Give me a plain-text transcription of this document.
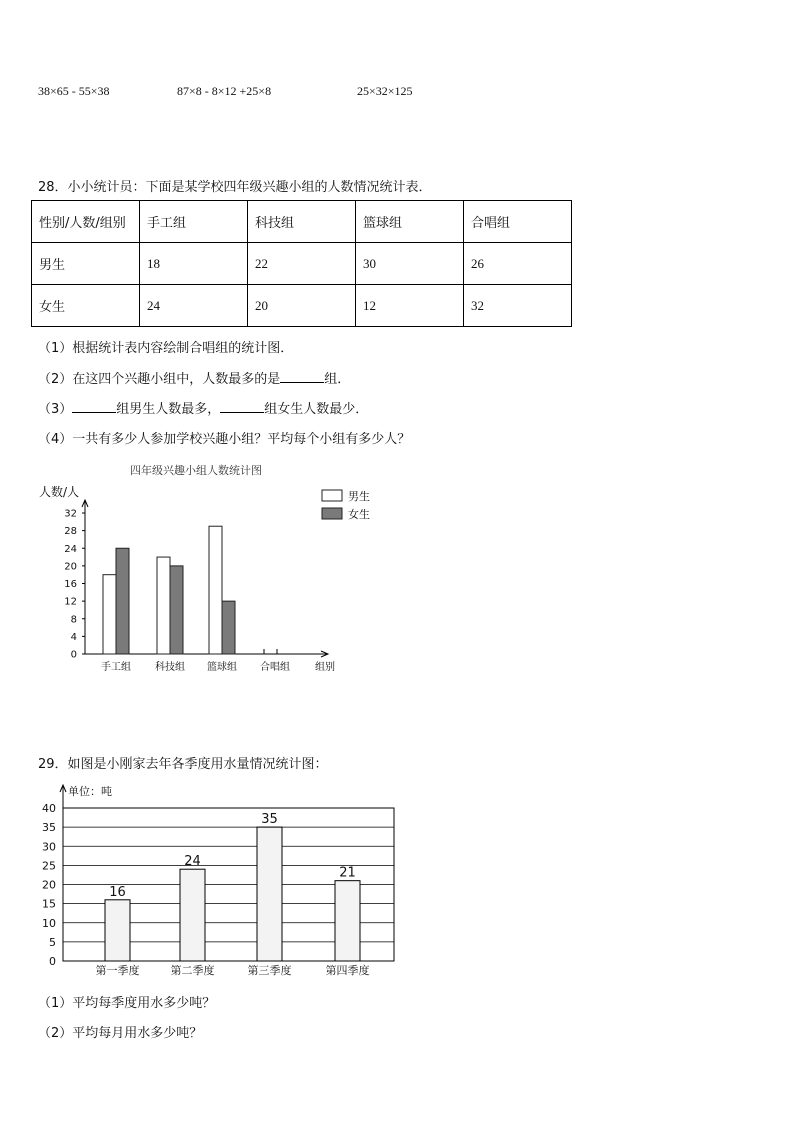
38×65 - 55×38	87×8 - 8×12 +25×8	25×32×125
28．小小统计员：下面是某学校四年级兴趣小组的人数情况统计表．
性别/人数/组别	手工组	科技组	篮球组	合唱组
男生	18	22	30	26
女生	24	20	12	32
（1）根据统计表内容绘制合唱组的统计图．
（2）在这四个兴趣小组中，人数最多的是	组．
（3）	组男生人数最多，	组女生人数最少．
（4）一共有多少人参加学校兴趣小组？平均每个小组有多少人？
四年级兴趣小组人数统计图
人数/人
组别
0
4
8
12
16
20
24
28
32
手工组 科技组 篮球组 合唱组
男生
女生
29．如图是小刚家去年各季度用水量情况统计图：
单位：吨
0
5
10
15
20
25
30
35
40
16
第一季度
24
第二季度
35
第三季度
21
第四季度
（1）平均每季度用水多少吨？
（2）平均每月用水多少吨？
